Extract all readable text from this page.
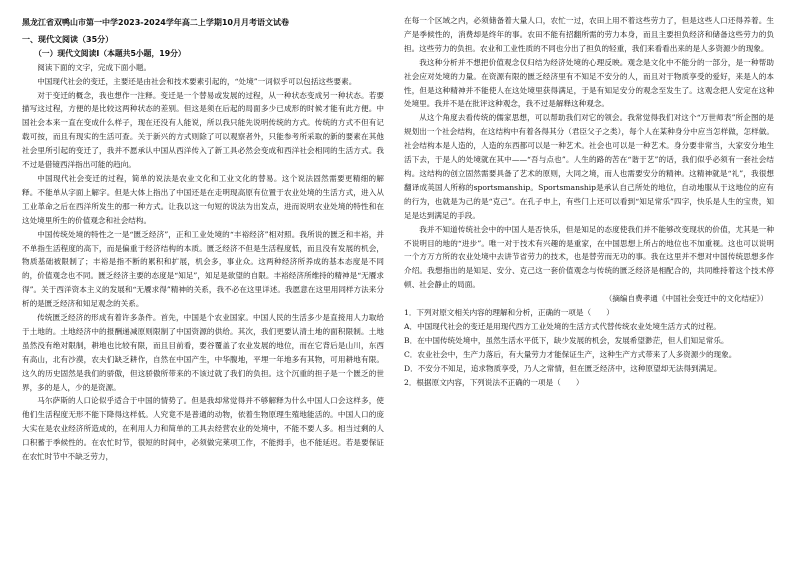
黑龙江省双鸭山市第一中学2023-2024学年高二上学期10月月考语文试卷
一、现代文阅读（35分）
（一）现代文阅读Ⅰ（本题共5小题，19分）

阅读下面的文字，完成下面小题。

中国现代社会的变迁，主要还是由社会和技术要素引起的，“处境”一词似乎可以包括这些要素。

对于变迁的概念，我也想作一注释。变迁是一个替易或发展的过程，从一种状态变成另一种状态。若要描写这过程，方便的是比较这两种状态的差别。但这是须在后起的局面多少已成形的时候才能有此方便。中国社会本来一直在变成什么样子，现在还没有人能说，所以我只能先说明传统的方式。传统的方式不但有记载可按，而且有现实的生活可查。关于新兴的方式则除了可以观察者外，只能参考所采取的新的要素在其他社会里所引起的变迁了，我并不愿承认中国从西洋传入了新工具必然会变成和西洋社会相同的生活方式。我不过是借镜西洋指出可能的趋向。

中国现代社会变迁的过程，简单的说法是农业文化和工业文化的替易。这个说法固然需要更精细的解释。不能单从字面上解字。但是大体上指出了中国还是在走明现高原有位置于农业处境的生活方式，进入从工业革命之后在西洋所发生的那一种方式。让我以这一句短的说法为出发点，进而说明农业处境的特性和在这处境里所生的价值观念和社会结构。

中国传统处境的特性之一是“匮乏经济”，正和工业处境的“丰裕经济”相对照。我所说的匮乏和丰裕，并不单指生活程度的高下，而是偏重于经济结构的本质。匮乏经济不但是生活程度低，而且没有发展的机会，物质基础被限制了；丰裕是指不断的累积和扩展，机会多，事业众。这两种经济所养成的基本态度是不同的，价值观念也不同。匮乏经济主要的态度是“知足”，知足是欲望的自限。丰裕经济所维持的精神是“无餍求得”。关于西洋资本主义的发展和“无餍求得”精神的关系，我不必在这里详述。我愿意在这里用同样方法来分析的是匮乏经济和知足观念的关系。

传统匮乏经济的形成有着许多条件。首先，中国是个农业国家。中国人民的生活多少是直接用人力取给于土地的。土地经济中的报酬递减原则限制了中国资源的供给。其次，我们更要认清土地的面积限制。土地虽然没有绝对限制，耕地也比较有限，而且目前看，要谷覆盖了农业发展的地位，而在它背后是山川，东西有高山，北有沙漠，农夫们缺乏耕作，自然在中国产生，中华腹地，平埋一年地多有其物，可用耕地有限。这久的历史固然是我们的骄傲，但这骄傲所带来的不该过就了我们的负担。这个沉重的担子是一个匮乏的世界，多的是人，少的是资源。

马尔萨斯的人口论似乎适合于中国的情势了。但是我却常觉得并不够解释为什么中国人口会这样多，使他们生活程度无形不能下降得这样低。人究竟不是普通的动物，依着生物原理生殖地能活的。中国人口的庞大实在是农业经济所造成的，在利用人力和简单的工具去经营农业的处境中，不能不要人多。相当过剩的人口积蓄于季候性的。在农忙时节，很短的时间中，必须做完莱项工作，不能拇手，也不能延迟。若是要保证在农忙时节中不缺乏劳力，

在每一个区域之内，必须储备着大量人口，农忙一过，农田上用不着这些劳力了，但是这些人口还得养着。生产是季候性的，消费却是终年的事。农田不能有招翻所需的劳力本身，而且主要担负经济和储备这些劳力的负担。这些劳力的负担。农业和工业性质的不同也分出了担负的轻重，我们来看看出来的是人多资源少的现象。

我这种分析并不想把价值观念仅归结为经济处境的心理反映。观念是文化中不能分的一部分，是一种帮助社会应对处境的力量。在资源有限的匮乏经济里有不知足不安分的人，而且对于物质享受的爱好，来是人的本性，但是这种精神并不能使人在这处境里获得满足，于是有知足安分的观念至发生了。这观念把人安定在这种处境里。我并不是在批评这种观念，我不过是解释这种观念。

从这个角度去看传统的儒家思想，可以帮助我们对它的领会。我常觉得我们对这个“万世师表”所企图的是规划出一个社会结构，在这结构中有着各得其分（君臣父子之类），每个人在某种身分中应当怎样做，怎样做。社会结构本是人造的，人造的东西都可以是一种艺术。社会也可以是一种艺术。身分要非常当，大家安分地生活下去，于是人的处境就在其中——“吾与点也”。人生的路的苦在“谐于艺”的话，我们似乎必须有一套社会结构。这结构的创立固然需要具备了艺术的原则，大同之境，而人也需要安分的精神。这精神就是“礼”，我很想翻译成英国人所称的sportsmanship。Sportsmanship是承认自己所处的地位，自动地服从于这地位的应有的行为，也就是为己的是“克己”。在孔子申上，有些门上还可以看到“知足常乐”四字，快乐是人生的宝贵，知足是达到满足的手段。

我并不知道传统社会中的中国人是否快乐，但是知足的态度使我们并不能够改变现状的价值，尤其是一种不说明目的地的“进步”。唯一对于技术有兴趣的是重家，在中国思想上所占的地位也不加重视。这也可以说明一个方万方所的农业处境中去讲节省劳力的技术，也是替劳而无功的事。我在这里并不想对中国传统思想多作介绍。我想指出的是知足、安分、克己这一套价值观念与传统的匮乏经济是相配合的，共同维持着这个技术停顿、社会静止的局面。

（摘编自费孝通《中国社会变迁中的文化结症》）

1．下列对原文相关内容的理解和分析，正确的一项是（　　）

A．中国现代社会的变迁是用现代西方工业处境的生活方式代替传统农业处境生活方式的过程。

B．在中国传统处境中，虽然生活水平低下，缺少发展的机会，发展希望渺茫，但人们知足常乐。

C．农业社会中，生产力落后，有大量劳力才能保证生产，这种生产方式带来了人多资源少的现象。

D．不安分不知足，追求物质享受，乃人之常情，但在匮乏经济中，这种原望却无法得到满足。

2．根据原文内容，下列说法不正确的一项是（　　）
